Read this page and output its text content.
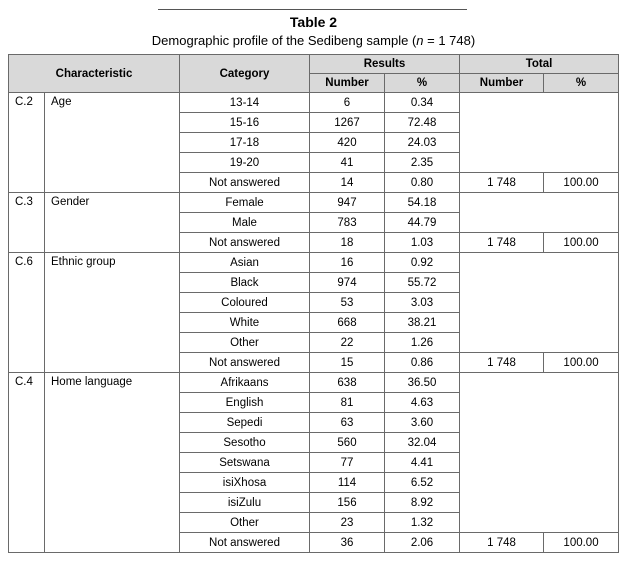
Table 2
Demographic profile of the Sedibeng sample (n = 1 748)
Characteristic		Category	Results		Total	
			Number	%	Number	%
C.2	Age	13-14	6	0.34		
		15-16	1267	72.48		
		17-18	420	24.03		
		19-20	41	2.35		
		Not answered	14	0.80	1 748	100.00
C.3	Gender	Female	947	54.18		
		Male	783	44.79		
		Not answered	18	1.03	1 748	100.00
C.6	Ethnic group	Asian	16	0.92		
		Black	974	55.72		
		Coloured	53	3.03		
		White	668	38.21		
		Other	22	1.26		
		Not answered	15	0.86	1 748	100.00
C.4	Home language	Afrikaans	638	36.50		
		English	81	4.63		
		Sepedi	63	3.60		
		Sesotho	560	32.04		
		Setswana	77	4.41		
		isiXhosa	114	6.52		
		isiZulu	156	8.92		
		Other	23	1.32		
		Not answered	36	2.06	1 748	100.00
